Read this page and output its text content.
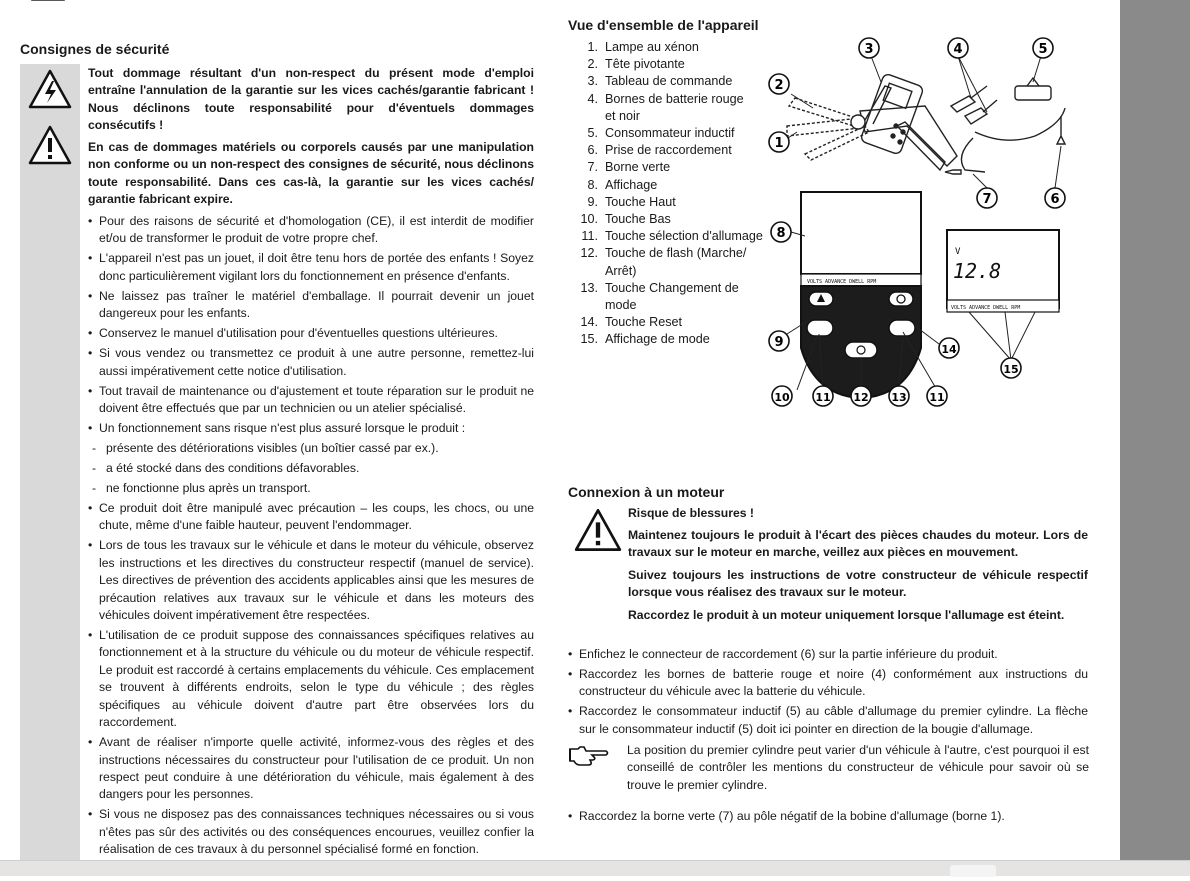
Consignes de sécurité

Tout dommage résultant d'un non-respect du présent mode d'emploi entraîne l'annulation de la garantie sur les vices cachés/garantie fabricant ! Nous déclinons toute responsabilité pour d'éventuels dommages consécutifs !

En cas de dommages matériels ou corporels causés par une manipulation non conforme ou un non-respect des consignes de sécurité, nous déclinons toute responsabilité. Dans ces cas-là, la garantie sur les vices cachés/ garantie fabricant expire.

• Pour des raisons de sécurité et d'homologation (CE), il est interdit de modifier et/ou de transformer le produit de votre propre chef.
• L'appareil n'est pas un jouet, il doit être tenu hors de portée des enfants ! Soyez donc particulièrement vigilant lors du fonctionnement en présence d'enfants.
• Ne laissez pas traîner le matériel d'emballage. Il pourrait devenir un jouet dangereux pour les enfants.
• Conservez le manuel d'utilisation pour d'éventuelles questions ultérieures.
• Si vous vendez ou transmettez ce produit à une autre personne, remettez-lui aussi impérativement cette notice d'utilisation.
• Tout travail de maintenance ou d'ajustement et toute réparation sur le produit ne doivent être effectués que par un technicien ou un atelier spécialisé.
• Un fonctionnement sans risque n'est plus assuré lorsque le produit :
- présente des détériorations visibles (un boîtier cassé par ex.).
- a été stocké dans des conditions défavorables.
- ne fonctionne plus après un transport.
• Ce produit doit être manipulé avec précaution – les coups, les chocs, ou une chute, même d'une faible hauteur, peuvent l'endommager.
• Lors de tous les travaux sur le véhicule et dans le moteur du véhicule, observez les instructions et les directives du constructeur respectif (manuel de service). Les directives de prévention des accidents applicables ainsi que les mesures de précaution relatives aux travaux sur le véhicule et dans les moteurs des véhicules doivent impérativement être respectées.
• L'utilisation de ce produit suppose des connaissances spécifiques relatives au fonctionnement et à la structure du véhicule ou du moteur de véhicule respectif. Le produit est raccordé à certains emplacements du véhicule. Ces emplacement se trouvent à différents endroits, selon le type du véhicule ; des règles spécifiques au véhicule doivent d'autre part être observées lors du raccordement.
• Avant de réaliser n'importe quelle activité, informez-vous des règles et des instructions nécessaires du constructeur pour l'utilisation de ce produit. Un non respect peut conduire à une détérioration du véhicule, mais également à des dangers pour les personnes.
• Si vous ne disposez pas des connaissances techniques nécessaires ou si vous n'êtes pas sûr des activités ou des conséquences encourues, veuillez confier la réalisation de ces travaux à du personnel spécialisé formé en fonction.
•
Vue d'ensemble de l'appareil
1. Lampe au xénon
2. Tête pivotante
3. Tableau de commande
4. Bornes de batterie rouge et noir
5. Consommateur inductif
6. Prise de raccordement
7. Borne verte
8. Affichage
9. Touche Haut
10. Touche Bas
11. Touche sélection d'allumage
12. Touche de flash (Marche/ Arrêt)
13. Touche Changement de mode
14. Touche Reset
15. Affichage de mode
VOLTS ADVANCE DWELL RPM
V
12.8
VOLTS ADVANCE DWELL RPM
1
2
3	4	5
6
7
8
9
10 11 12 13 11
14
15
Connexion à un moteur

Risque de blessures !

Maintenez toujours le produit à l'écart des pièces chaudes du moteur. Lors de travaux sur le moteur en marche, veillez aux pièces en mouvement.

Suivez toujours les instructions de votre constructeur de véhicule respectif lorsque vous réalisez des travaux sur le moteur.

Raccordez le produit à un moteur uniquement lorsque l'allumage est éteint.

• Enfichez le connecteur de raccordement (6) sur la partie inférieure du produit.
• Raccordez les bornes de batterie rouge et noire (4) conformément aux instructions du constructeur du véhicule avec la batterie du véhicule.
• Raccordez le consommateur inductif (5) au câble d'allumage du premier cylindre. La flèche sur le consommateur inductif (5) doit ici pointer en direction de la bougie d'allumage.

La position du premier cylindre peut varier d'un véhicule à l'autre, c'est pourquoi il est conseillé de contrôler les mentions du constructeur de véhicule pour savoir où se trouve le premier cylindre.

• Raccordez la borne verte (7) au pôle négatif de la bobine d'allumage (borne 1).
